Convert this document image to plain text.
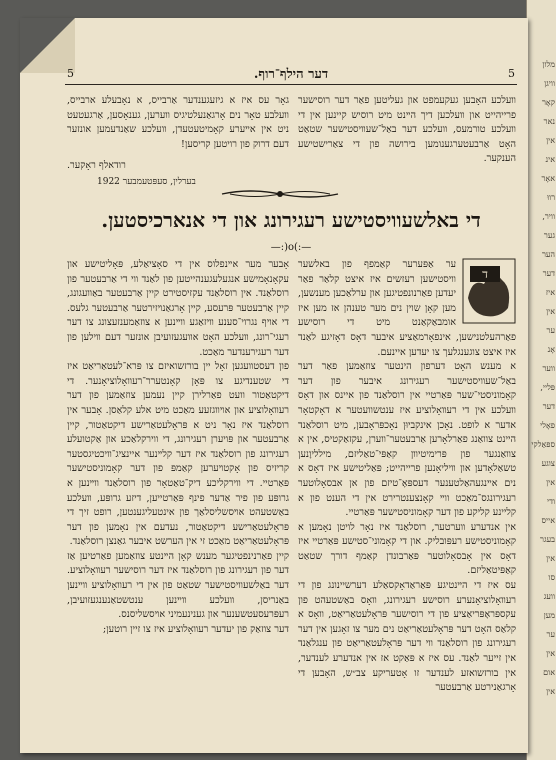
מלון
וויגן
קאָר
נאר
אין
אינ
אאָר
רווּ
וויר,
גער
הער
דער
איז
אין
ער
אָנ
ווער
פּליי,
דער
פאָלי
ספּאַלקי
צוגע
אין
ודי
אייס
בעגר
אין
סו
וועג
מען
ער
אין
אום
אין
5	דער הילף־רוף.	5

װעלכע האָבען געקעמפט און געליטען פאַר דער רוסישער פרייהייט און װעלכען דיך הײנט מיט רוסיש קיינען אין די װעלכע טורמעס, װעלכע דער באַל־שעװיסטישער שטאַט האָט אַרבעטערגענומען בירושה פון די צאַרישטישע הענקער.

גאָר עס איז א גיזעגענדער אַרבייס, א נאָבעלע ארבייס, װעלבע טאָר נים אָרגאַנעלטיגיס װערען, גענאָסען, אַרגעטעט ניט אין אײערע קאָמיטעטעדן, וועלכע שאַנדעמען אונזער דעם דרוק פון רויטען קריסען!

רודאלף ראָקער.
בערלין, סעפּטעמבער 1922
די באלשעוויסטישע רעגירונג און די אנארכיסטען.
—:)o(:—
ד

ער אַפּערער קאַמפף פון באלשער װיסטישען רעזשים איז איצט קלאַר פאַר יעדען פאַרנונפטיגען און ערלאַכען מענשען, מען קאָן שוין נים מער טענהן אז מען איז אומבאַקאַנט מיט די רוסישע פאַרהעלטנישען, אינפאָרמאַציע איבער דאָס דאָזיגע לאַנד איז איצט צוגענגלעך צו יעדען איינעם.

א מענש האָט דערפון הינטער צוזאַמען פאַר דער באַל־שעװיסטישער רעגירונג איבער פון דער קאָמוניסטי־שער פּאַרטיי אין רוסלאַנד פון איינס און דאָס װעלכע אין די רעװאָלוציע איז ענטשוועטער א דאָקטאָר אדער א לופט. נאָכן אינקביוּן נאָכפּראָבען, מיט רוסלאַנד היינט צוואַנג פאַרלאָרען אַרבעטער־װערן, עקזאַקטיס, אין א צװאַנגער פון פּרימיטיװן קאַפּי־טאַליזם, מילליוָנען טשאַלאָדען און װיליאָנען פרייהייט; פּאַליטישע איז דאָס א נים אײנגעהאַלטענער דעספּאָ־טיזם פון אן אבסאָלוטער רעגירונגס־מאַכט ווײ קאָנצענטרירט אין די הענט פון א קליינע קליקע פון דער קאָמוניסטישער פּאַרטיי.

אין אנדערע װערטער, רוסלאַנד איז נאָר לויטן נאָמען א קאָמוניסטישע רעפּובליק. און די קאָמוני־סטישע פּאַרטיי איז דאָס אין אָבסאָלוטער פּאַרבונדן קאַמף דורך שטאַט קאַפּיטאַליזם.

עס איז די הײנטיגע פּאַראַדאָקסאַלע דערשיינונג פון די רעװאָלוציאָנערע רוסישע רעגירונג, װאָס באַשטעהט פון עקספּראָפּריאַציע פון די רוסישער פּראָלעטאַריאַט, װאָס א קלאַס האָט דער פּראָלעטאַריאַט נים מער צו זאָגען אין דער רעגירונג פון רוסלאַנד װי דער פּראָלעטאַריאַט פון ענגלאַנד אין זייער לאַנד. עס איז א פּאַקט אז אין אנדערע לענדער, אין בורזשואזע לענדער זו אָטעריקע צב״ש, האָבען די אָרגאַנירטע אַרבעטער

אָבער מער אײנפלוס אין די סאָציאַלע, פּאָליטישע און עקאָנאָמישע אנגעלעגענהייטען פון לאַנד װי די אַרבעטער פון רוסלאַנד. אין רוסלאַנד עקזיסטירט קיין אַרבעטער באַװעגונג, קיין אַרבעטער פּרעסע, קיין אָרגאַנױזירטער אַרבעטער גלעס. די אויף נגרוי־סענע װיזאַגע װײנען א צוזאַמענזעצונג צו דער רעגי־רונג, װעלכע האָט אוועגעזועיבן אונזער דעם װילען פון דער רעגירענדער מאַכט.

פון דעסטװעגען זאָל יין בורזשואיזם צו פּרא־לעטאַריאַט איז די שטענדיגע צו פּאָן קאָנטערר־רעװאָלוציאָנער. די דיקטאַטור וועט פאַרלירן קיין נעמען צוזאַמען פון דער רעװאָלוציע און אױװגזעע מאַכט מיט אלע קלאַסן. אָבער אין רוסלאַנד איז נאָר ניט א פּראָלעטאַרישע דיקטאַטור, קיין אַרבעטער און פּויערן רעגירונג, די ווירקלאַכע און אַקטועלע רעגירונג פון רוסלאַנד איז דער קלײנער איינציג־װיכטיגסטער קריזיס פון אָקטױערען קאַמפּ פון דער קאָמוניסטישער פּאַרטיי. די ווירקליכע דיק־טאַטאָר פון רוסלאַנד װײנען א גרופּע פון פיר אַדער פינף פּאַרטייען, דיזע גרופּע, װעלכע באַשטעהט אױסשליסלאַך פון אינטעליגענטען, רופט זיך די פּראָלעטאַרישע דיקטאַטור, נעדעם אין נאָמען פון דער פּראָלעטאַריאַט מאַכט זי אין הערשט איבער גאַנצן רוסלאַנד.

קיין פאַרנינפטיגער מענש קאָן הײנטע צוזאַמען פאַרטיען אַז דער פון רעגירונג פון רוסלאַנד איז דער רוסישער רעװאָלוציע. דער באַלשעװיסטישער שטאַט פון אין די רעװאָלוציע װײנען באַנריסן, װעלכע װײנען ענטשטאַנענגעזועיבן, רעפּרעסעטשענער און גענינעמיני אױסשליסנס.

דער צוזאַק פון יעדער רעװאָלוציע איז צו זיין רוטען;
